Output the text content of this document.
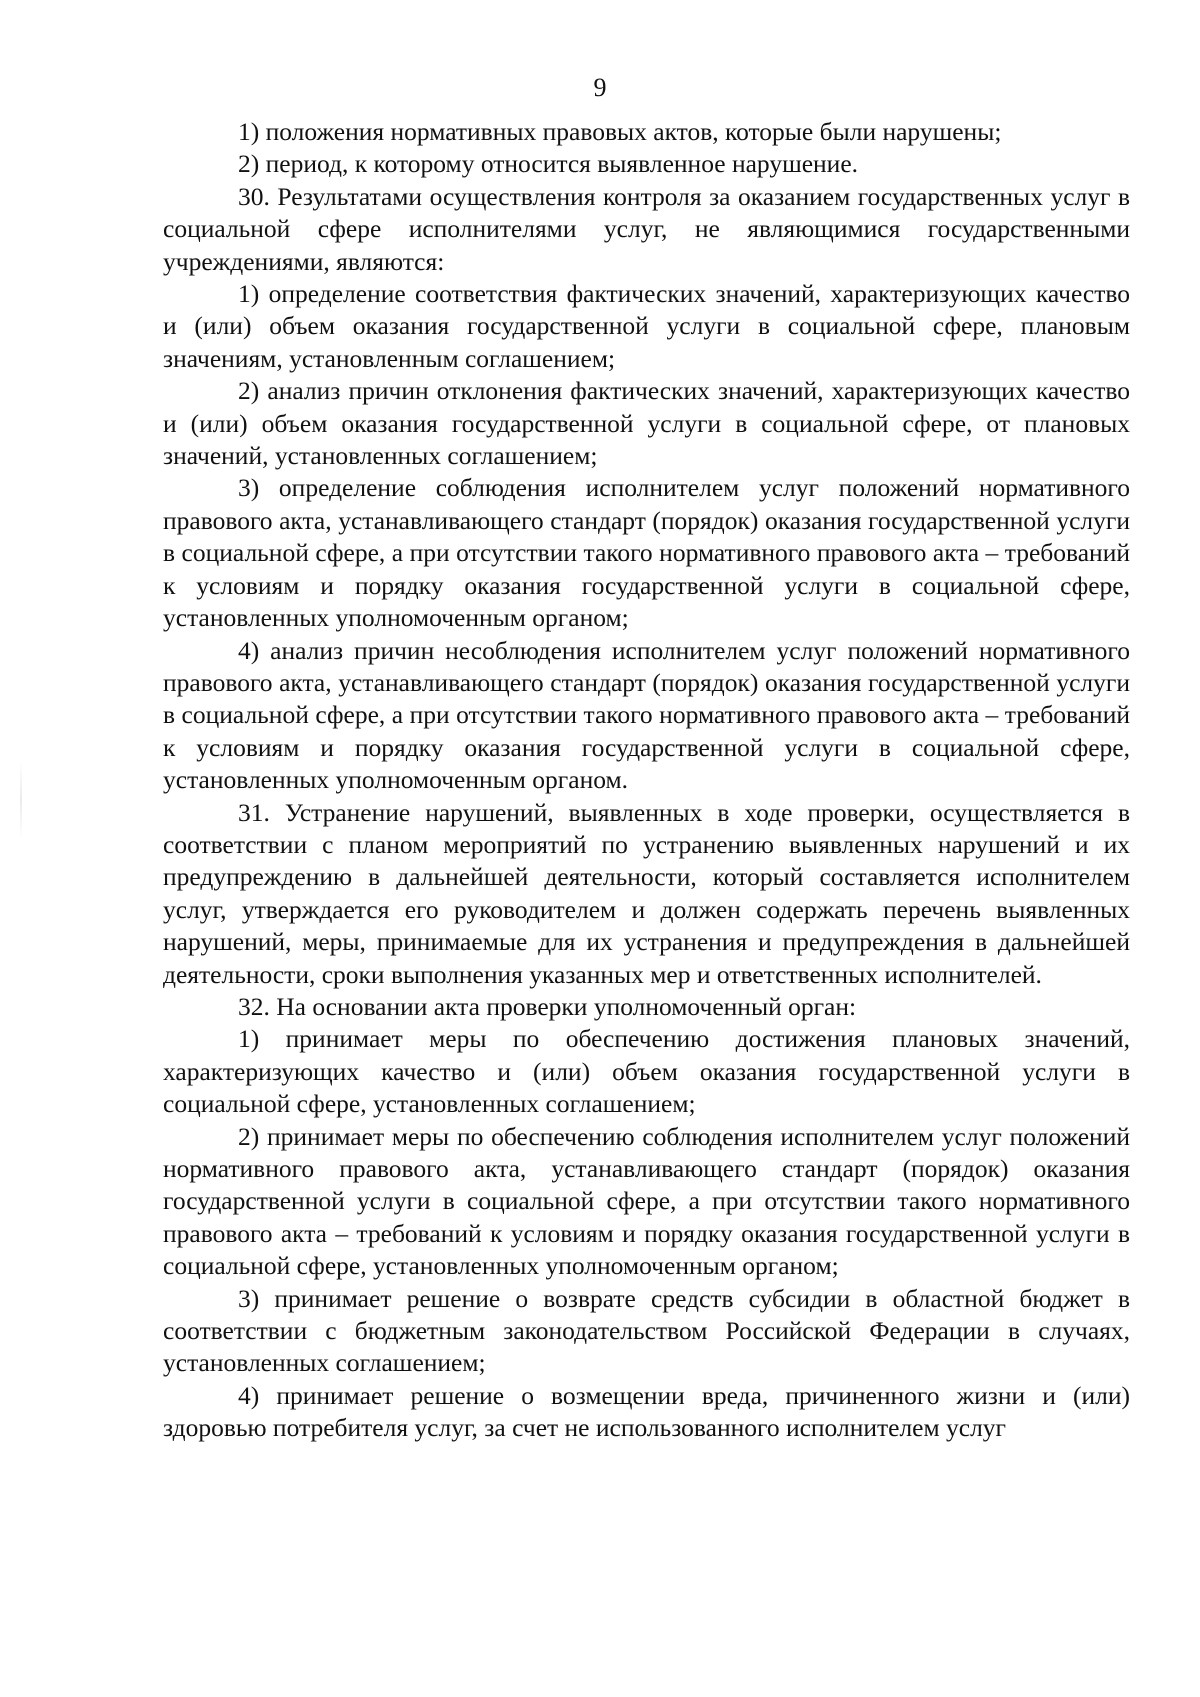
9

1) положения нормативных правовых актов, которые были нарушены;

2) период, к которому относится выявленное нарушение.

30. Результатами осуществления контроля за оказанием государственных услуг в социальной сфере исполнителями услуг, не являющимися государственными учреждениями, являются:

1) определение соответствия фактических значений, характеризующих качество и (или) объем оказания государственной услуги в социальной сфере, плановым значениям, установленным соглашением;

2) анализ причин отклонения фактических значений, характеризующих качество и (или) объем оказания государственной услуги в социальной сфере, от плановых значений, установленных соглашением;

3) определение соблюдения исполнителем услуг положений нормативного правового акта, устанавливающего стандарт (порядок) оказания государственной услуги в социальной сфере, а при отсутствии такого нормативного правового акта – требований к условиям и порядку оказания государственной услуги в социальной сфере, установленных уполномоченным органом;

4) анализ причин несоблюдения исполнителем услуг положений нормативного правового акта, устанавливающего стандарт (порядок) оказания государственной услуги в социальной сфере, а при отсутствии такого нормативного правового акта – требований к условиям и порядку оказания государственной услуги в социальной сфере, установленных уполномоченным органом.

31. Устранение нарушений, выявленных в ходе проверки, осуществляется в соответствии с планом мероприятий по устранению выявленных нарушений и их предупреждению в дальнейшей деятельности, который составляется исполнителем услуг, утверждается его руководителем и должен содержать перечень выявленных нарушений, меры, принимаемые для их устранения и предупреждения в дальнейшей деятельности, сроки выполнения указанных мер и ответственных исполнителей.

32. На основании акта проверки уполномоченный орган:

1) принимает меры по обеспечению достижения плановых значений, характеризующих качество и (или) объем оказания государственной услуги в социальной сфере, установленных соглашением;

2) принимает меры по обеспечению соблюдения исполнителем услуг положений нормативного правового акта, устанавливающего стандарт (порядок) оказания государственной услуги в социальной сфере, а при отсутствии такого нормативного правового акта – требований к условиям и порядку оказания государственной услуги в социальной сфере, установленных уполномоченным органом;

3) принимает решение о возврате средств субсидии в областной бюджет в соответствии с бюджетным законодательством Российской Федерации в случаях, установленных соглашением;

4) принимает решение о возмещении вреда, причиненного жизни и (или) здоровью потребителя услуг, за счет не использованного исполнителем услуг
